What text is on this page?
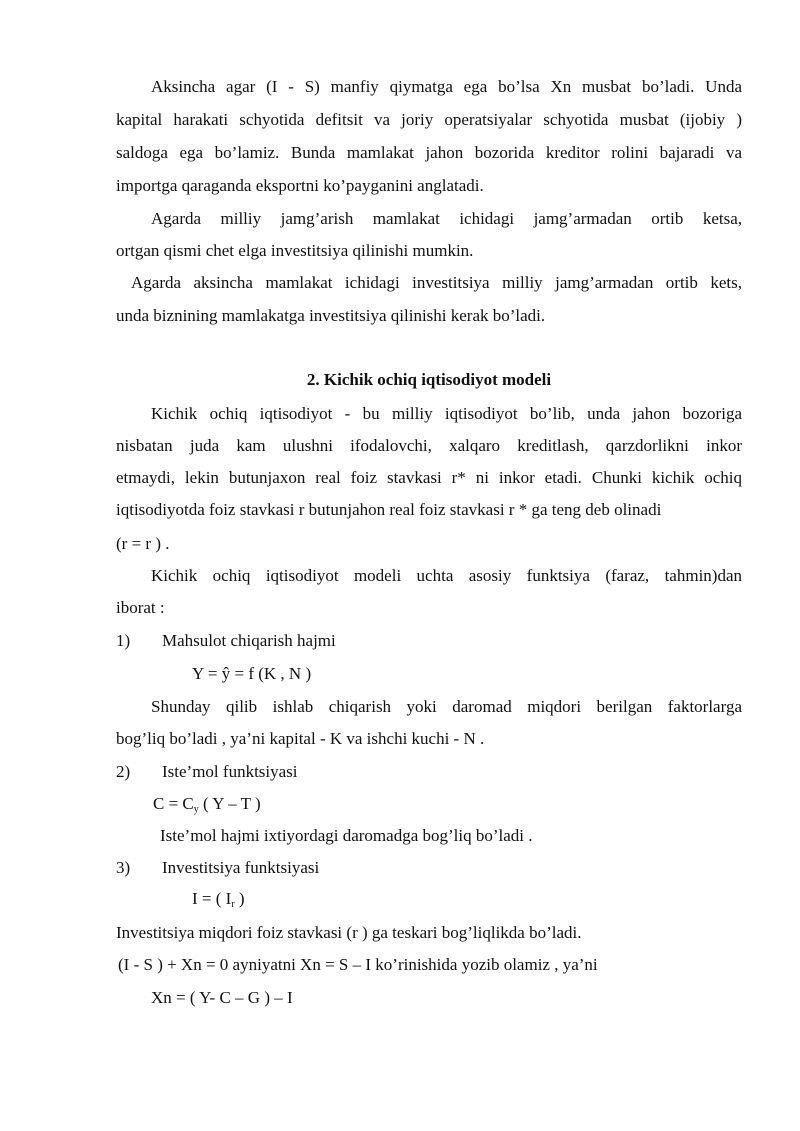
Aksincha agar (I - S) manfiy qiymatga ega bo’lsa Xn musbat bo’ladi. Unda
kapital harakati schyotida defitsit va joriy operatsiyalar schyotida musbat (ijobiy )
saldoga ega bo’lamiz. Bunda mamlakat jahon bozorida kreditor rolini bajaradi va
importga qaraganda eksportni ko’payganini anglatadi.
Agarda milliy jamg’arish mamlakat ichidagi jamg’armadan ortib ketsa,
ortgan qismi chet elga investitsiya qilinishi mumkin.
Agarda aksincha mamlakat ichidagi investitsiya milliy jamg’armadan ortib kets,
unda biznining mamlakatga investitsiya qilinishi kerak bo’ladi.
2. Kichik ochiq iqtisodiyot modeli
Kichik ochiq iqtisodiyot - bu milliy iqtisodiyot bo’lib, unda jahon bozoriga
nisbatan juda kam ulushni ifodalovchi, xalqaro kreditlash, qarzdorlikni inkor
etmaydi, lekin butunjaxon real foiz stavkasi r* ni inkor etadi. Chunki kichik ochiq
iqtisodiyotda foiz stavkasi r butunjahon real foiz stavkasi r * ga teng deb olinadi
(r = r ) .
Kichik ochiq iqtisodiyot modeli uchta asosiy funktsiya (faraz, tahmin)dan
iborat :
1) Mahsulot chiqarish hajmi
Y = ŷ = f (K , N )
Shunday qilib ishlab chiqarish yoki daromad miqdori berilgan faktorlarga
bog’liq bo’ladi , ya’ni kapital - K va ishchi kuchi - N .
2) Iste’mol funktsiyasi
$C = C_y$ ( Y – T )
Iste’mol hajmi ixtiyordagi daromadga bog’liq bo’ladi .
3) Investitsiya funktsiyasi
I = ( $I_r$ )
Investitsiya miqdori foiz stavkasi (r ) ga teskari bog’liqlikda bo’ladi.
(I - S ) + Xn = 0 ayniyatni Xn = S – I ko’rinishida yozib olamiz , ya’ni
Xn = ( Y- C – G ) – I
